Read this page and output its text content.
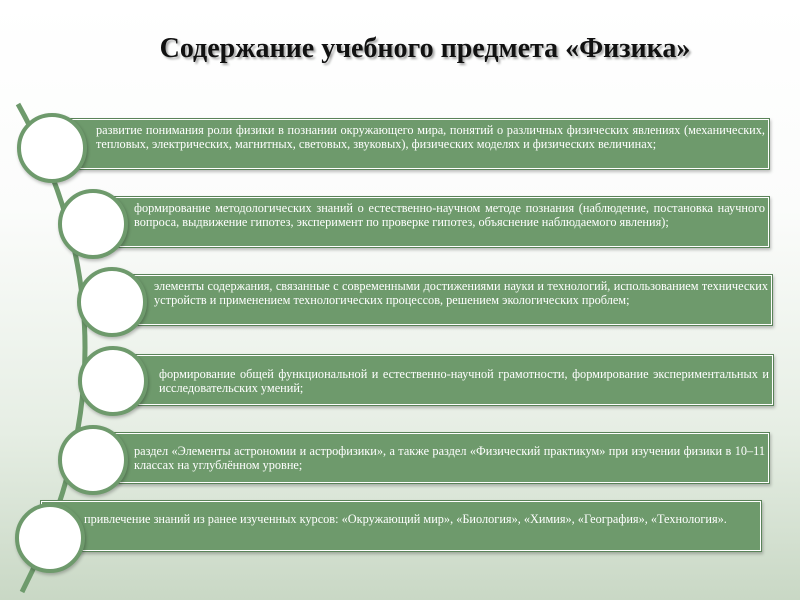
Содержание учебного предмета «Физика»
развитие понимания роли физики в познании окружающего мира, понятий о различных физических явлениях (механических, тепловых, электрических, магнитных, световых, звуковых), физических моделях и физических величинах;
формирование методологических знаний о естественно-научном методе познания (наблюдение, постановка научного вопроса, выдвижение гипотез, эксперимент по проверке гипотез, объяснение наблюдаемого явления);
элементы содержания, связанные с современными достижениями науки и технологий, использованием технических устройств и применением технологических процессов, решением экологических проблем;
формирование общей функциональной и естественно-научной грамотности, формирование экспериментальных и исследовательских умений;
раздел «Элементы астрономии и астрофизики», а также раздел «Физический практикум» при изучении физики в 10–11 классах на углублённом уровне;
привлечение знаний из ранее изученных курсов: «Окружающий мир», «Биология», «Химия», «География», «Технология».
